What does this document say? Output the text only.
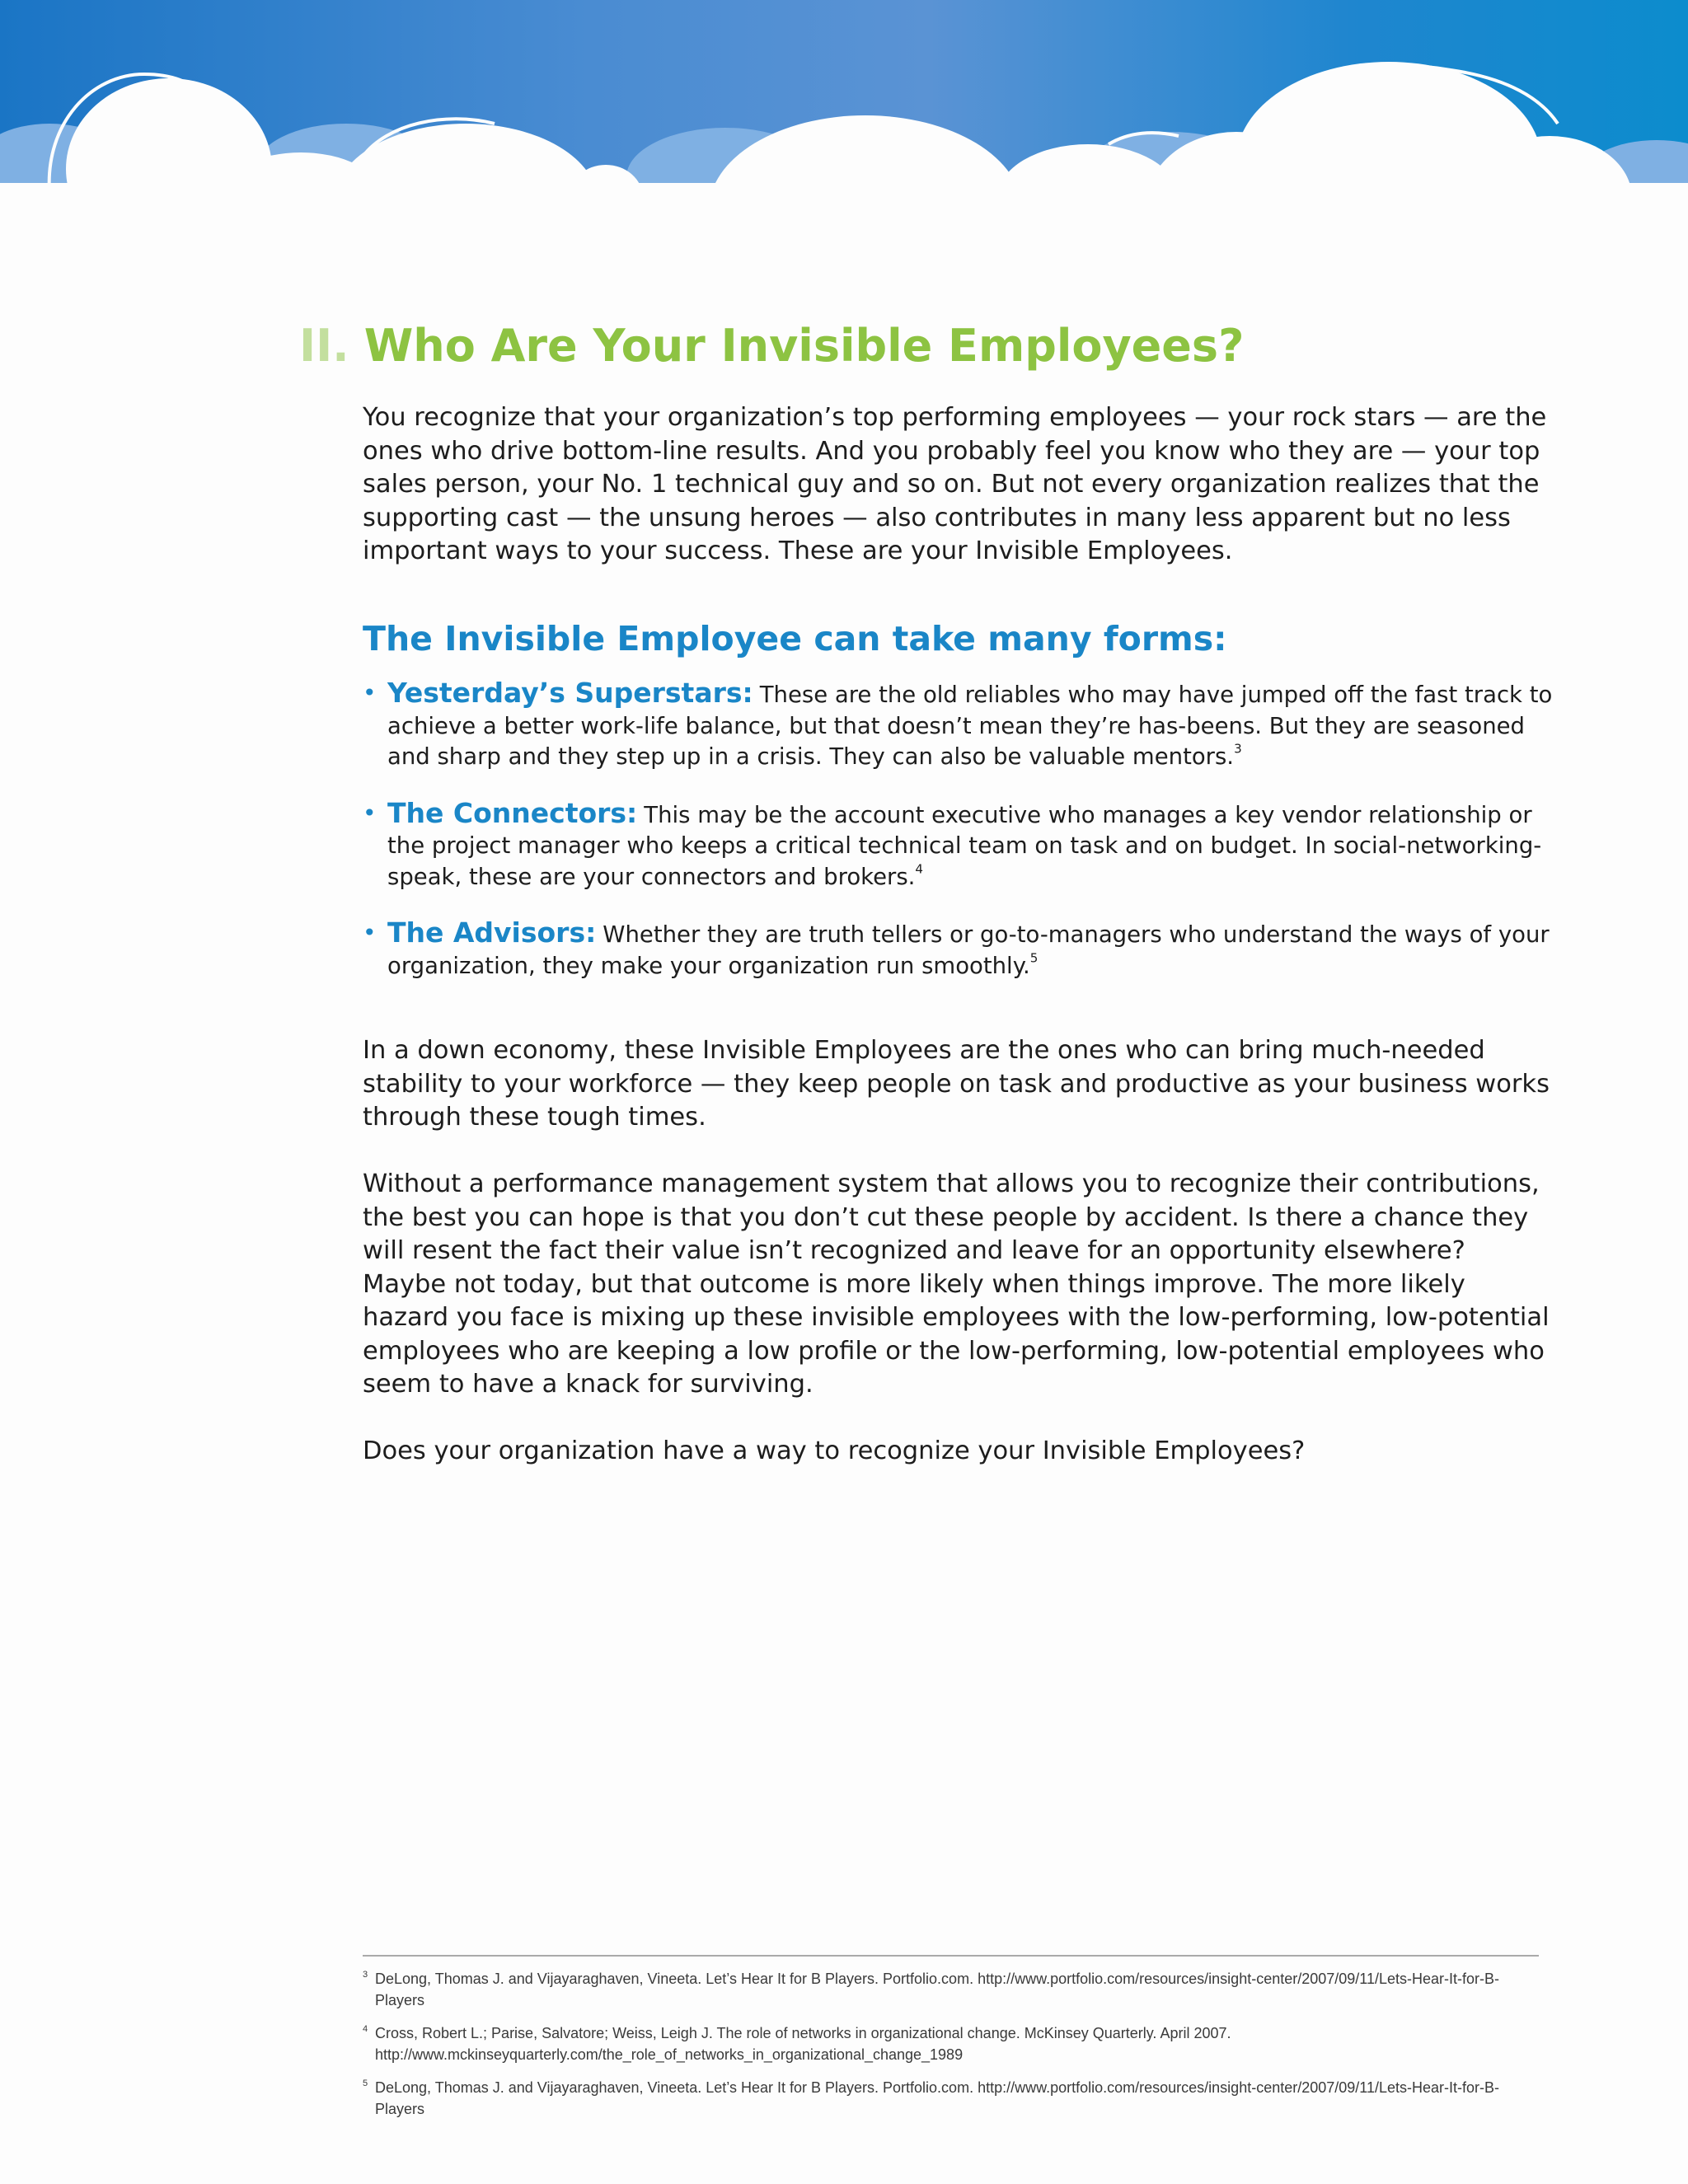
II. Who Are Your Invisible Employees?

You recognize that your organization’s top performing employees — your rock stars — are the ones who drive bottom-line results. And you probably feel you know who they are — your top sales person, your No. 1 technical guy and so on. But not every organization realizes that the supporting cast — the unsung heroes — also contributes in many less apparent but no less important ways to your success. These are your Invisible Employees.

The Invisible Employee can take many forms:
• Yesterday’s Superstars: These are the old reliables who may have jumped off the fast track to achieve a better work-life balance, but that doesn’t mean they’re has-beens. But they are seasoned and sharp and they step up in a crisis. They can also be valuable mentors.$^3$
• The Connectors: This may be the account executive who manages a key vendor relationship or the project manager who keeps a critical technical team on task and on budget. In social-networking-speak, these are your connectors and brokers.$^4$
• The Advisors: Whether they are truth tellers or go-to-managers who understand the ways of your organization, they make your organization run smoothly.$^5$

In a down economy, these Invisible Employees are the ones who can bring much-needed stability to your workforce — they keep people on task and productive as your business works through these tough times.

Without a performance management system that allows you to recognize their contributions, the best you can hope is that you don’t cut these people by accident. Is there a chance they will resent the fact their value isn’t recognized and leave for an opportunity elsewhere? Maybe not today, but that outcome is more likely when things improve. The more likely hazard you face is mixing up these invisible employees with the low-performing, low-potential employees who are keeping a low profile or the low-performing, low-potential employees who seem to have a knack for surviving.

Does your organization have a way to recognize your Invisible Employees?

3 DeLong, Thomas J. and Vijayaraghaven, Vineeta. Let’s Hear It for B Players. Portfolio.com. http://www.portfolio.com/resources/insight-center/2007/09/11/Lets-Hear-It-for-B-Players

4 Cross, Robert L.; Parise, Salvatore; Weiss, Leigh J. The role of networks in organizational change. McKinsey Quarterly. April 2007. http://www.mckinseyquarterly.com/the_role_of_networks_in_organizational_change_1989

5 DeLong, Thomas J. and Vijayaraghaven, Vineeta. Let’s Hear It for B Players. Portfolio.com. http://www.portfolio.com/resources/insight-center/2007/09/11/Lets-Hear-It-for-B-Players
